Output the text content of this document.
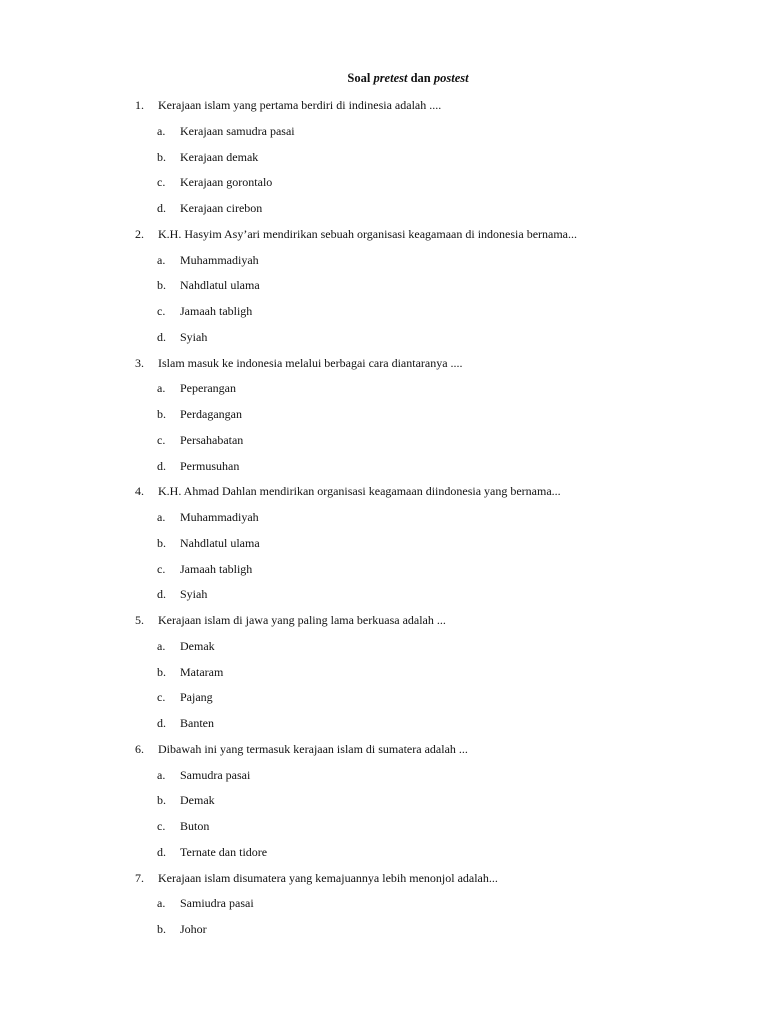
Soal pretest dan postest
1. Kerajaan islam yang pertama berdiri di indinesia adalah ....
a. Kerajaan samudra pasai
b. Kerajaan demak
c. Kerajaan gorontalo
d. Kerajaan cirebon
2. K.H. Hasyim Asy’ari mendirikan sebuah organisasi keagamaan di indonesia bernama...
a. Muhammadiyah
b. Nahdlatul ulama
c. Jamaah tabligh
d. Syiah
3. Islam masuk ke indonesia melalui berbagai cara diantaranya ....
a. Peperangan
b. Perdagangan
c. Persahabatan
d. Permusuhan
4. K.H. Ahmad Dahlan mendirikan organisasi keagamaan diindonesia yang bernama...
a. Muhammadiyah
b. Nahdlatul ulama
c. Jamaah tabligh
d. Syiah
5. Kerajaan islam di jawa yang paling lama berkuasa adalah ...
a. Demak
b. Mataram
c. Pajang
d. Banten
6. Dibawah ini yang termasuk kerajaan islam di sumatera adalah ...
a. Samudra pasai
b. Demak
c. Buton
d. Ternate dan tidore
7. Kerajaan islam disumatera yang kemajuannya lebih menonjol adalah...
a. Samiudra pasai
b. Johor
